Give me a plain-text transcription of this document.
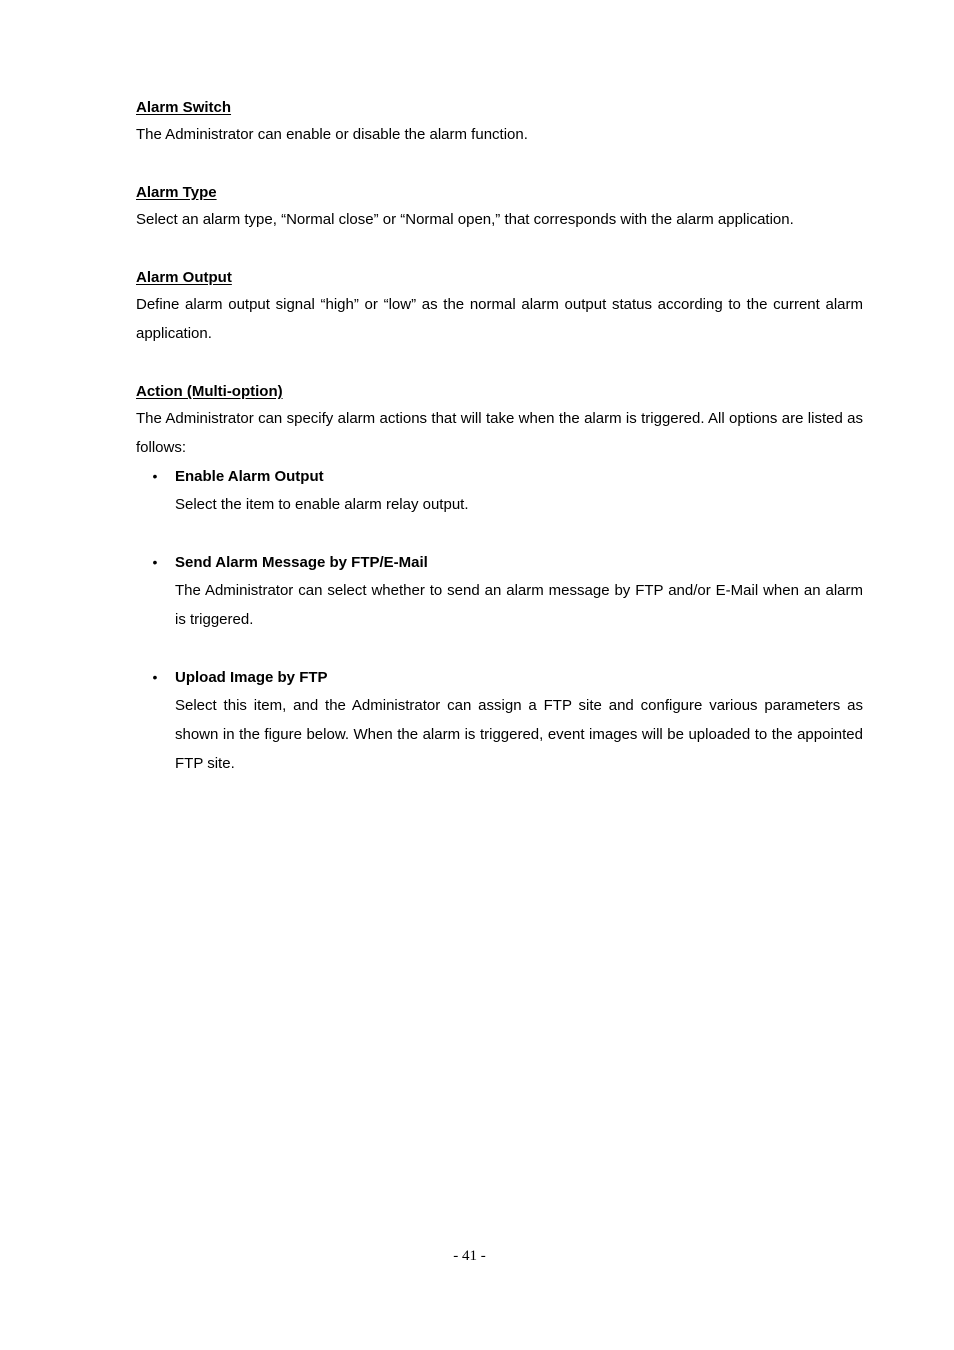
Alarm Switch

The Administrator can enable or disable the alarm function.

Alarm Type

Select an alarm type, “Normal close” or “Normal open,” that corresponds with the alarm application.

Alarm Output

Define alarm output signal “high” or “low” as the normal alarm output status according to the current alarm application.

Action (Multi-option)

The Administrator can specify alarm actions that will take when the alarm is triggered. All options are listed as follows:

• Enable Alarm Output

Select the item to enable alarm relay output.

• Send Alarm Message by FTP/E-Mail

The Administrator can select whether to send an alarm message by FTP and/or E-Mail when an alarm is triggered.

• Upload Image by FTP

Select this item, and the Administrator can assign a FTP site and configure various parameters as shown in the figure below. When the alarm is triggered, event images will be uploaded to the appointed FTP site.

- 41 -
